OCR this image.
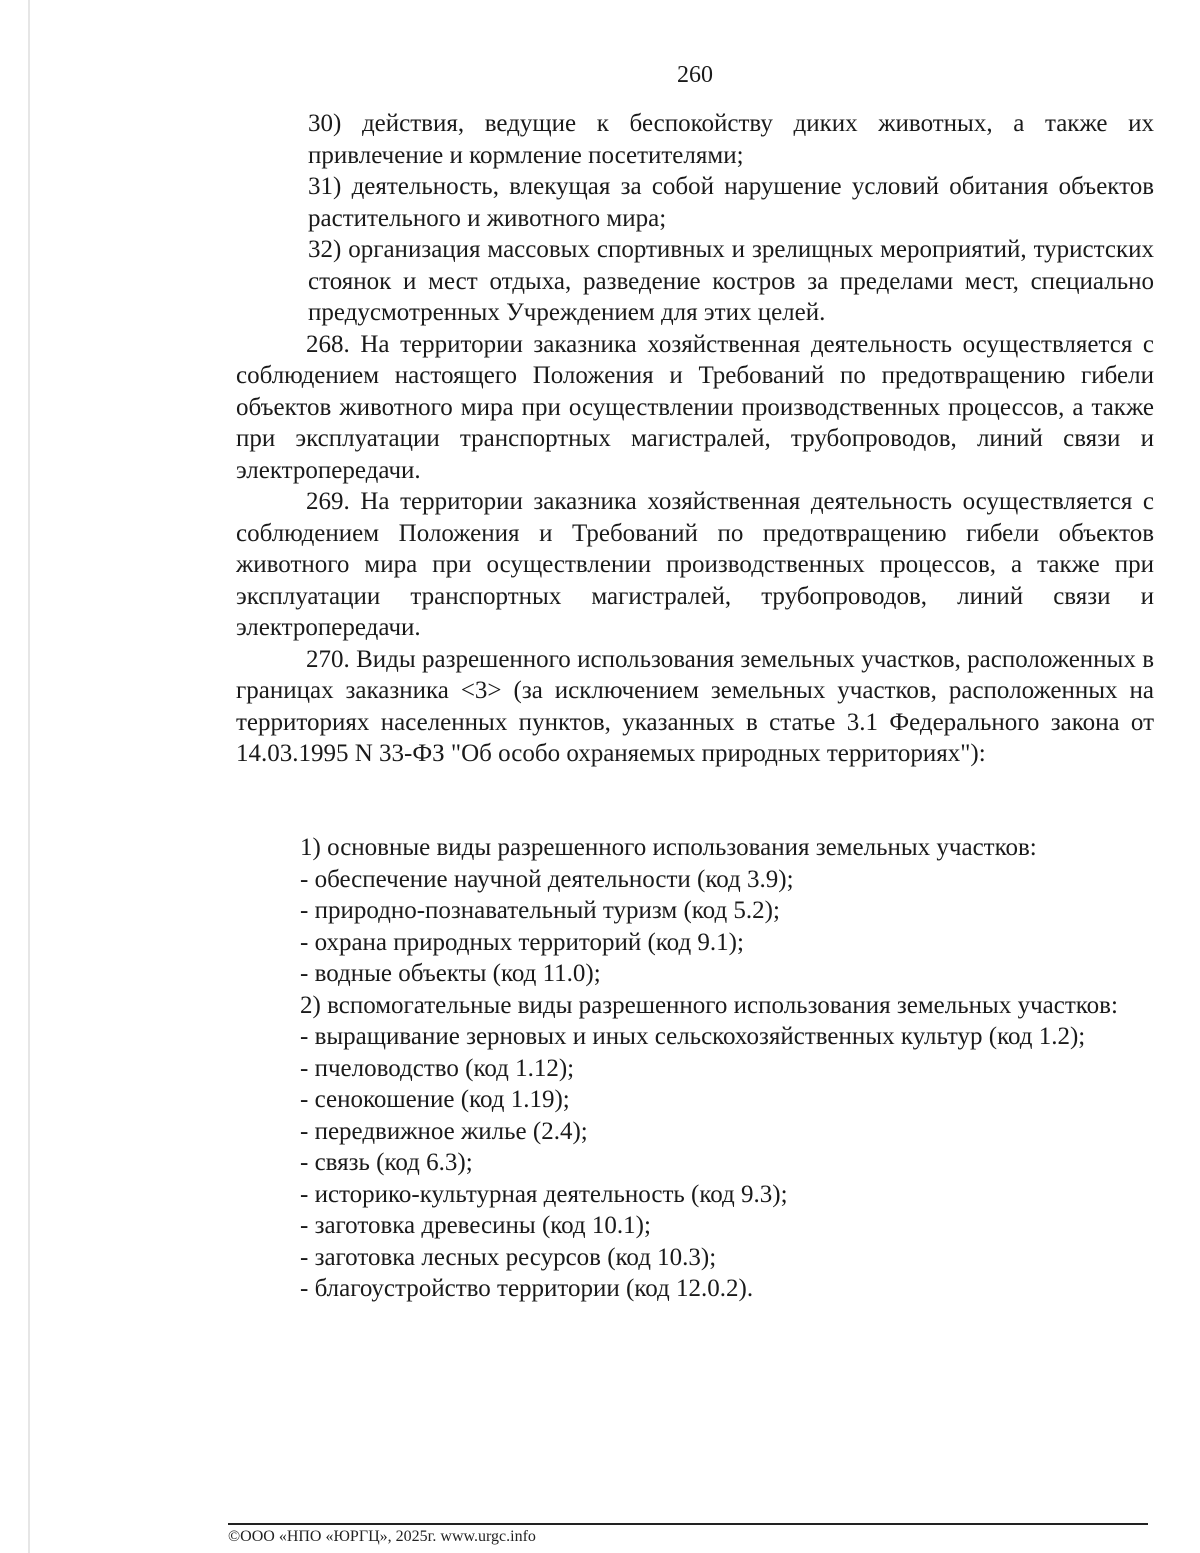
260

30) действия, ведущие к беспокойству диких животных, а также их привлечение и кормление посетителями;

31) деятельность, влекущая за собой нарушение условий обитания объектов растительного и животного мира;

32) организация массовых спортивных и зрелищных мероприятий, туристских стоянок и мест отдыха, разведение костров за пределами мест, специально предусмотренных Учреждением для этих целей.

268. На территории заказника хозяйственная деятельность осуществляется с соблюдением настоящего Положения и Требований по предотвращению гибели объектов животного мира при осуществлении производственных процессов, а также при эксплуатации транспортных магистралей, трубопроводов, линий связи и электропередачи.

269. На территории заказника хозяйственная деятельность осуществляется с соблюдением Положения и Требований по предотвращению гибели объектов животного мира при осуществлении производственных процессов, а также при эксплуатации транспортных магистралей, трубопроводов, линий связи и электропередачи.

270. Виды разрешенного использования земельных участков, расположенных в границах заказника <3> (за исключением земельных участков, расположенных на территориях населенных пунктов, указанных в статье 3.1 Федерального закона от 14.03.1995 N 33-ФЗ "Об особо охраняемых природных территориях"):

1) основные виды разрешенного использования земельных участков:

- обеспечение научной деятельности (код 3.9);

- природно-познавательный туризм (код 5.2);

- охрана природных территорий (код 9.1);

- водные объекты (код 11.0);

2) вспомогательные виды разрешенного использования земельных участков:

- выращивание зерновых и иных сельскохозяйственных культур (код 1.2);

- пчеловодство (код 1.12);

- сенокошение (код 1.19);

- передвижное жилье (2.4);

- связь (код 6.3);

- историко-культурная деятельность (код 9.3);

- заготовка древесины (код 10.1);

- заготовка лесных ресурсов (код 10.3);

- благоустройство территории (код 12.0.2).

©ООО «НПО «ЮРГЦ», 2025г. www.urgc.info
